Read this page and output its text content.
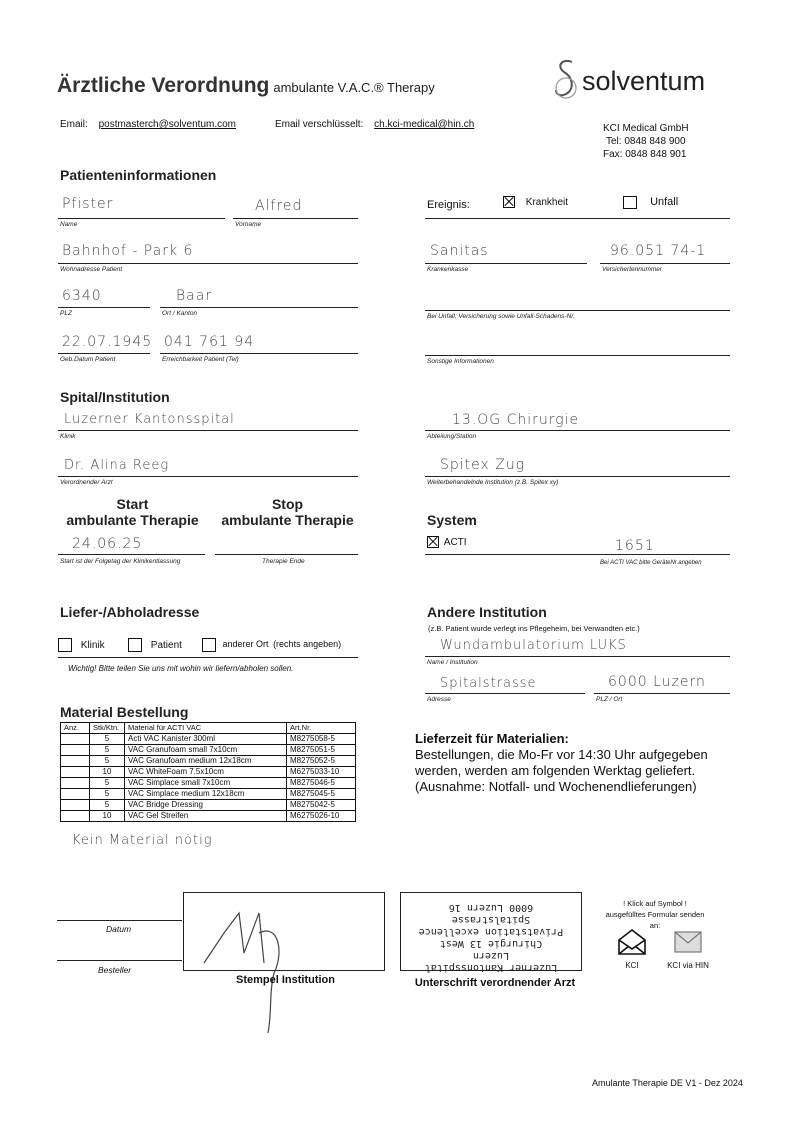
Ärztliche Verordnung ambulante V.A.C.® Therapy	solventum
Email: postmasterch@solventum.com	Email verschlüsselt: ch.kci-medical@hin.ch	KCI Medical GmbH
Tel: 0848 848 900
Fax: 0848 848 901
Patienteninformationen
Pfister
Name
Alfred
Vorname
Bahnhof - Park 6
Wohnadresse Patient
6340
PLZ
Baar
Ort / Kanton
22.07.1945
Geb.Datum Patient
041 761 94
Erreichbarkeit Patient (Tel)
Ereignis:	Krankheit	Unfall
Sanitas
Krankenkasse
96.051 74-1
Versichertennummer
Bei Unfall; Versicherung sowie Unfall-Schadens-Nr.
Sonstige Informationen
Spital/Institution
Luzerner Kantonsspital
Klinik
13.OG Chirurgie
Abteilung/Station
Dr. Alina Reeg
Verordnender Arzt
Spitex Zug
Weiterbehandelnde Institution (z.B. Spitex xy)
Start
ambulante Therapie
Stop
ambulante Therapie
24.06.25
Start ist der Folgetag der Klinikentlassung	Therapie Ende
System
ACTI	1651
Bei ACTI VAC bitte GeräteNr.angeben
Liefer-/Abholadresse
Klinik	Patient	anderer Ort (rechts angeben)
Wichtig! Bitte teilen Sie uns mit wohin wir liefern/abholen sollen.
Andere Institution
(z.B. Patient wurde verlegt ins Pflegeheim, bei Verwandten etc.)
Wundambulatorium LUKS
Name / Institution
Spitalstrasse
Adresse
6000 Luzern
PLZ / Ort
Material Bestellung
Anz.	Stk/Ktn.	Material für ACTI VAC	Art.Nr.
	5	Acti VAC Kanister 300ml	M8275058-5
	5	VAC Granufoam small 7x10cm	M8275051-5
	5	VAC Granufoam medium 12x18cm	M8275052-5
	10	VAC WhiteFoam 7.5x10cm	M6275033-10
	5	VAC Simplace small 7x10cm	M8275046-5
	5	VAC Simplace medium 12x18cm	M8275045-5
	5	VAC Bridge Dressing	M8275042-5
	10	VAC Gel Streifen	M6275026-10
Kein Material nötig
Lieferzeit für Materialien:
Bestellungen, die Mo-Fr vor 14:30 Uhr aufgegeben
werden, werden am folgenden Werktag geliefert.
(Ausnahme: Notfall- und Wochenendlieferungen)
Datum
Besteller
Stempel Institution
Luzerner Kantonsspital Luzern
Chirurgie 13 West
Privatstation excellence
Spitalstrasse
6000 Luzern 16
Unterschrift verordnender Arzt
! Klick auf Symbol !
ausgefülltes Formular senden an:
KCI	KCI via HIN
Amulante Therapie DE V1 - Dez 2024
